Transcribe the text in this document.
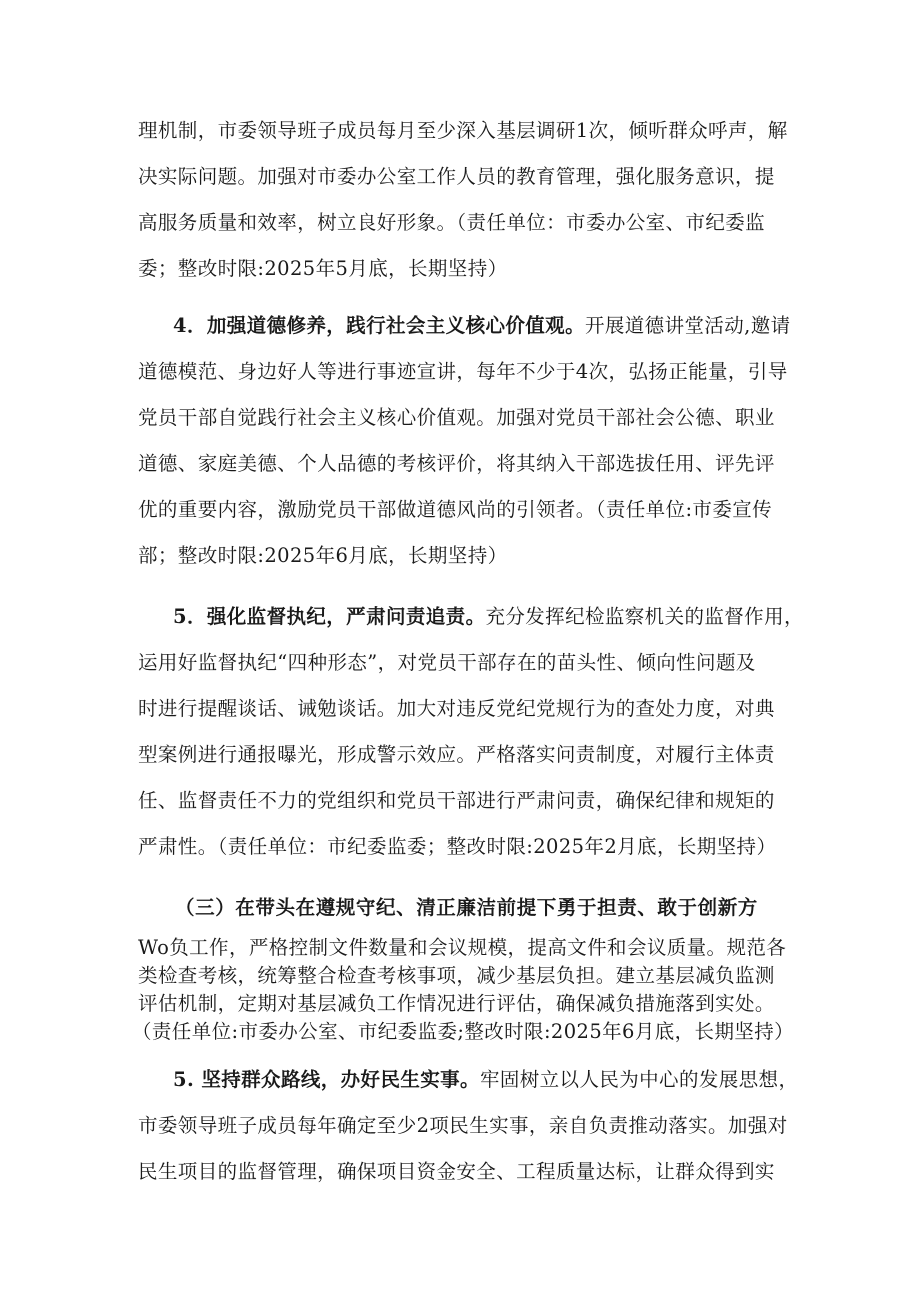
理机制，市委领导班子成员每月至少深入基层调研1次，倾听群众呼声，解
决实际问题。加强对市委办公室工作人员的教育管理，强化服务意识，提
高服务质量和效率，树立良好形象。（责任单位：市委办公室、市纪委监
委；整改时限:2025年5月底，长期坚持）
4．加强道德修养，践行社会主义核心价值观。开展道德讲堂活动,邀请
道德模范、身边好人等进行事迹宣讲，每年不少于4次，弘扬正能量，引导
党员干部自觉践行社会主义核心价值观。加强对党员干部社会公德、职业
道德、家庭美德、个人品德的考核评价，将其纳入干部选拔任用、评先评
优的重要内容，激励党员干部做道德风尚的引领者。（责任单位:市委宣传
部；整改时限:2025年6月底，长期坚持）
5．强化监督执纪，严肃问责追责。充分发挥纪检监察机关的监督作用，
运用好监督执纪“四种形态”，对党员干部存在的苗头性、倾向性问题及
时进行提醒谈话、诫勉谈话。加大对违反党纪党规行为的查处力度，对典
型案例进行通报曝光，形成警示效应。严格落实问责制度，对履行主体责
任、监督责任不力的党组织和党员干部进行严肃问责，确保纪律和规矩的
严肃性。（责任单位：市纪委监委；整改时限:2025年2月底，长期坚持）
（三）在带头在遵规守纪、清正廉洁前提下勇于担责、敢于创新方
Wo负工作，严格控制文件数量和会议规模，提高文件和会议质量。规范各
类检查考核，统筹整合检查考核事项，减少基层负担。建立基层减负监测
评估机制，定期对基层减负工作情况进行评估，确保减负措施落到实处。
（责任单位:市委办公室、市纪委监委;整改时限:2025年6月底，长期坚持）
5. 坚持群众路线，办好民生实事。牢固树立以人民为中心的发展思想，
市委领导班子成员每年确定至少2项民生实事，亲自负责推动落实。加强对
民生项目的监督管理，确保项目资金安全、工程质量达标，让群众得到实
